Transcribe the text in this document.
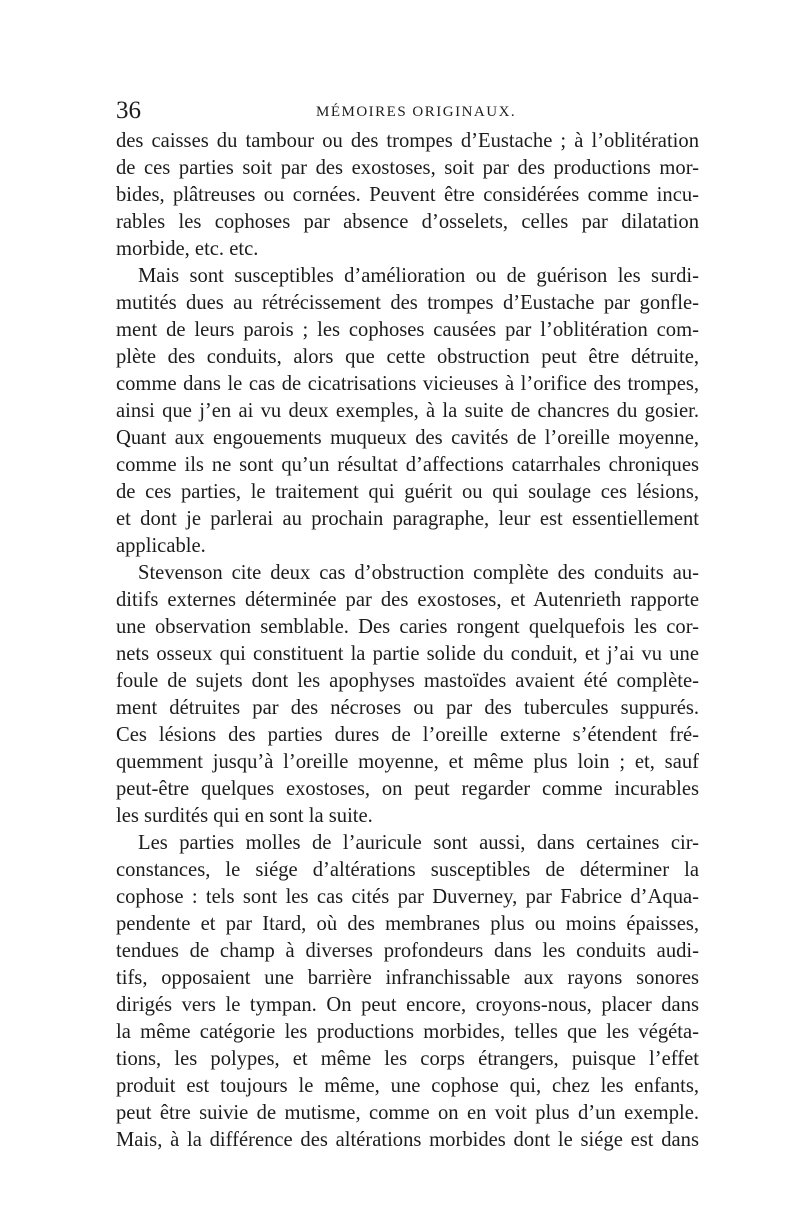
36	MÉMOIRES ORIGINAUX.

des caisses du tambour ou des trompes d’Eustache ; à l’oblitération
de ces parties soit par des exostoses, soit par des productions mor-
bides, plâtreuses ou cornées. Peuvent être considérées comme incu-
rables les cophoses par absence d’osselets, celles par dilatation
morbide, etc. etc.

Mais sont susceptibles d’amélioration ou de guérison les surdi-
mutités dues au rétrécissement des trompes d’Eustache par gonfle-
ment de leurs parois ; les cophoses causées par l’oblitération com-
plète des conduits, alors que cette obstruction peut être détruite,
comme dans le cas de cicatrisations vicieuses à l’orifice des trompes,
ainsi que j’en ai vu deux exemples, à la suite de chancres du gosier.
Quant aux engouements muqueux des cavités de l’oreille moyenne,
comme ils ne sont qu’un résultat d’affections catarrhales chroniques
de ces parties, le traitement qui guérit ou qui soulage ces lésions,
et dont je parlerai au prochain paragraphe, leur est essentiellement
applicable.

Stevenson cite deux cas d’obstruction complète des conduits au-
ditifs externes déterminée par des exostoses, et Autenrieth rapporte
une observation semblable. Des caries rongent quelquefois les cor-
nets osseux qui constituent la partie solide du conduit, et j’ai vu une
foule de sujets dont les apophyses mastoïdes avaient été complète-
ment détruites par des nécroses ou par des tubercules suppurés.
Ces lésions des parties dures de l’oreille externe s’étendent fré-
quemment jusqu’à l’oreille moyenne, et même plus loin ; et, sauf
peut-être quelques exostoses, on peut regarder comme incurables
les surdités qui en sont la suite.

Les parties molles de l’auricule sont aussi, dans certaines cir-
constances, le siége d’altérations susceptibles de déterminer la
cophose : tels sont les cas cités par Duverney, par Fabrice d’Aqua-
pendente et par Itard, où des membranes plus ou moins épaisses,
tendues de champ à diverses profondeurs dans les conduits audi-
tifs, opposaient une barrière infranchissable aux rayons sonores
dirigés vers le tympan. On peut encore, croyons-nous, placer dans
la même catégorie les productions morbides, telles que les végéta-
tions, les polypes, et même les corps étrangers, puisque l’effet
produit est toujours le même, une cophose qui, chez les enfants,
peut être suivie de mutisme, comme on en voit plus d’un exemple.
Mais, à la différence des altérations morbides dont le siége est dans
